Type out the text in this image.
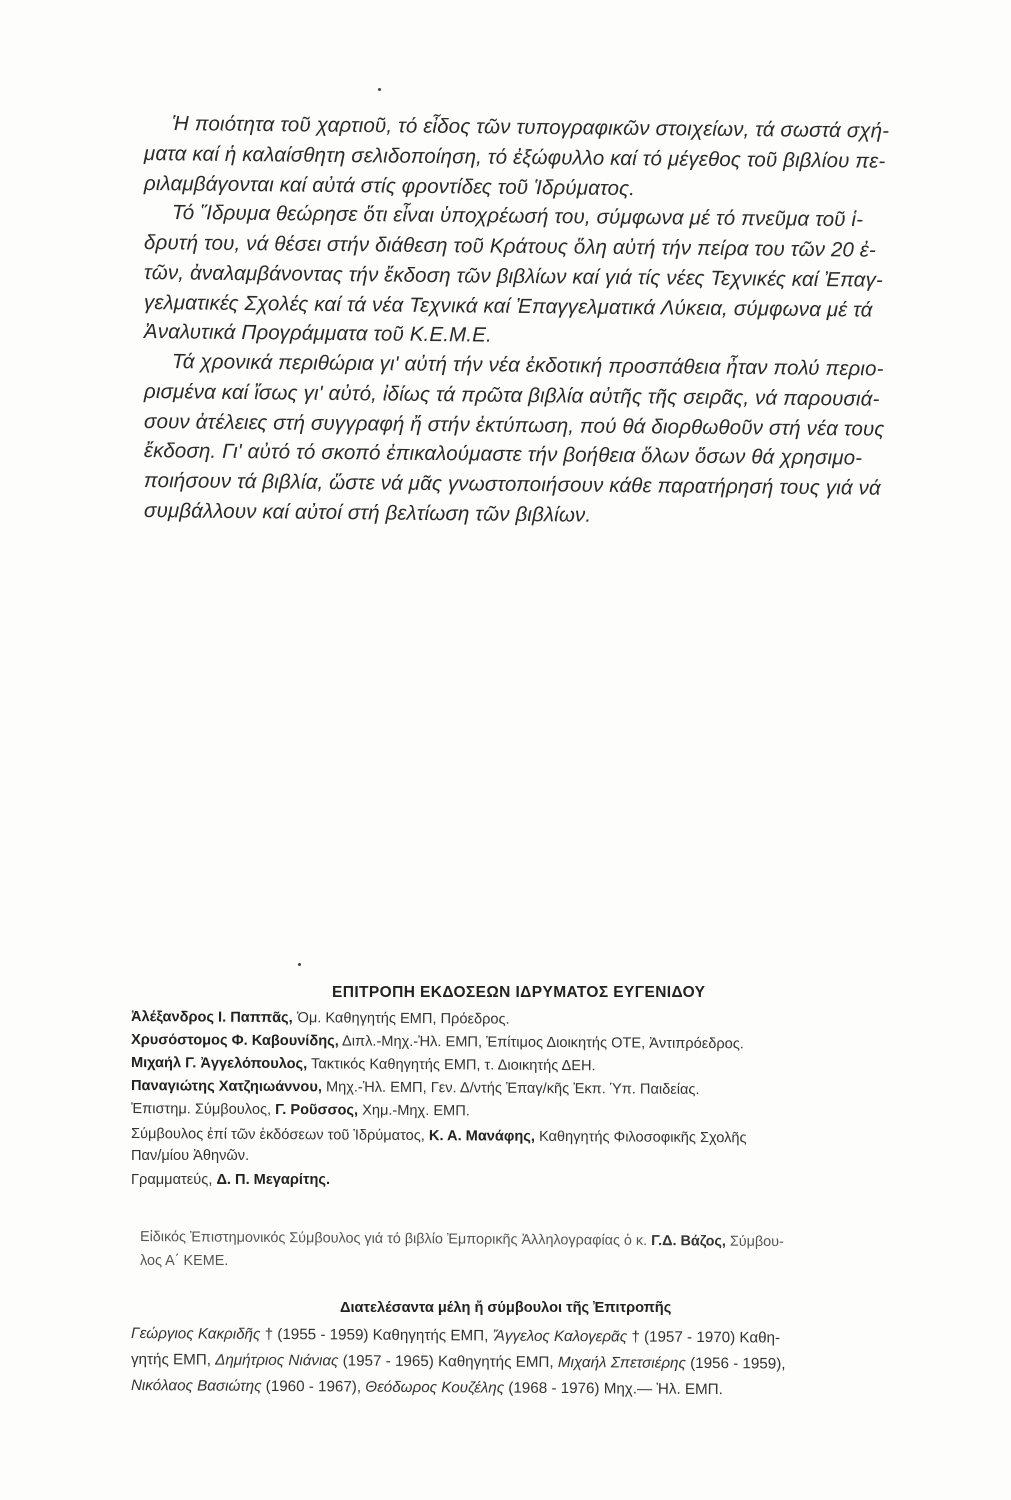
Ἡ ποιότητα τοῦ χαρτιοῦ, τό εἶδος τῶν τυπογραφικῶν στοιχείων, τά σωστά σχή-

ματα καί ἡ καλαίσθητη σελιδοποίηση, τό ἐξώφυλλο καί τό μέγεθος τοῦ βιβλίου πε-

ριλαμβάγονται καί αὐτά στίς φροντίδες τοῦ Ἱδρύματος.

Τό Ἵδρυμα θεώρησε ὅτι εἶναι ὑποχρέωσή του, σύμφωνα μέ τό πνεῦμα τοῦ ἱ-

δρυτή του, νά θέσει στήν διάθεση τοῦ Κράτους ὅλη αὐτή τήν πείρα του τῶν 20 ἐ-

τῶν, ἀναλαμβάνοντας τήν ἔκδοση τῶν βιβλίων καί γιά τίς νέες Τεχνικές καί Ἐπαγ-

γελματικές Σχολές καί τά νέα Τεχνικά καί Ἐπαγγελματικά Λύκεια, σύμφωνα μέ τά

Ἀναλυτικά Προγράμματα τοῦ Κ.Ε.Μ.Ε.

Τά χρονικά περιθώρια γι' αὐτή τήν νέα ἐκδοτική προσπάθεια ἦταν πολύ περιο-

ρισμένα καί ἴσως γι' αὐτό, ἰδίως τά πρῶτα βιβλία αὐτῆς τῆς σειρᾶς, νά παρουσιά-

σουν ἀτέλειες στή συγγραφή ἤ στήν ἐκτύπωση, πού θά διορθωθοῦν στή νέα τους

ἔκδοση. Γι' αὐτό τό σκοπό ἐπικαλούμαστε τήν βοήθεια ὅλων ὅσων θά χρησιμο-

ποιήσουν τά βιβλία, ὥστε νά μᾶς γνωστοποιήσουν κάθε παρατήρησή τους γιά νά

συμβάλλουν καί αὐτοί στή βελτίωση τῶν βιβλίων.

ΕΠΙΤΡΟΠΗ ΕΚΔΟΣΕΩΝ ΙΔΡΥΜΑΤΟΣ ΕΥΓΕΝΙΔΟΥ

Ἀλέξανδρος Ι. Παππᾶς, Ὀμ. Καθηγητής ΕΜΠ, Πρόεδρος.

Χρυσόστομος Φ. Καβουνίδης, Διπλ.-Μηχ.-Ἠλ. ΕΜΠ, Ἐπίτιμος Διοικητής ΟΤΕ, Ἀντιπρόεδρος.

Μιχαήλ Γ. Ἀγγελόπουλος, Τακτικός Καθηγητής ΕΜΠ, τ. Διοικητής ΔΕΗ.

Παναγιώτης Χατζηιωάννου, Μηχ.-Ἠλ. ΕΜΠ, Γεν. Δ/ντής Ἐπαγ/κῆς Ἐκπ. Ὑπ. Παιδείας.

Ἐπιστημ. Σύμβουλος, Γ. Ροῦσσος, Χημ.-Μηχ. ΕΜΠ.

Σύμβουλος ἐπί τῶν ἐκδόσεων τοῦ Ἱδρύματος, Κ. Α. Μανάφης, Καθηγητής Φιλοσοφικῆς Σχολῆς

Παν/μίου Ἀθηνῶν.

Γραμματεύς, Δ. Π. Μεγαρίτης.

Εἰδικός Ἐπιστημονικός Σύμβουλος γιά τό βιβλίο Ἐμπορικῆς Ἀλληλογραφίας ὁ κ. Γ.Δ. Βάζος, Σύμβου-

λος Α΄ ΚΕΜΕ.

Διατελέσαντα μέλη ἤ σύμβουλοι τῆς Ἐπιτροπῆς

Γεώργιος Κακριδῆς † (1955 - 1959) Καθηγητής ΕΜΠ, Ἄγγελος Καλογερᾶς † (1957 - 1970) Καθη-

γητής ΕΜΠ, Δημήτριος Νιάνιας (1957 - 1965) Καθηγητής ΕΜΠ, Μιχαήλ Σπετσιέρης (1956 - 1959),

Νικόλαος Βασιώτης (1960 - 1967), Θεόδωρος Κουζέλης (1968 - 1976) Μηχ.— Ἠλ. ΕΜΠ.
